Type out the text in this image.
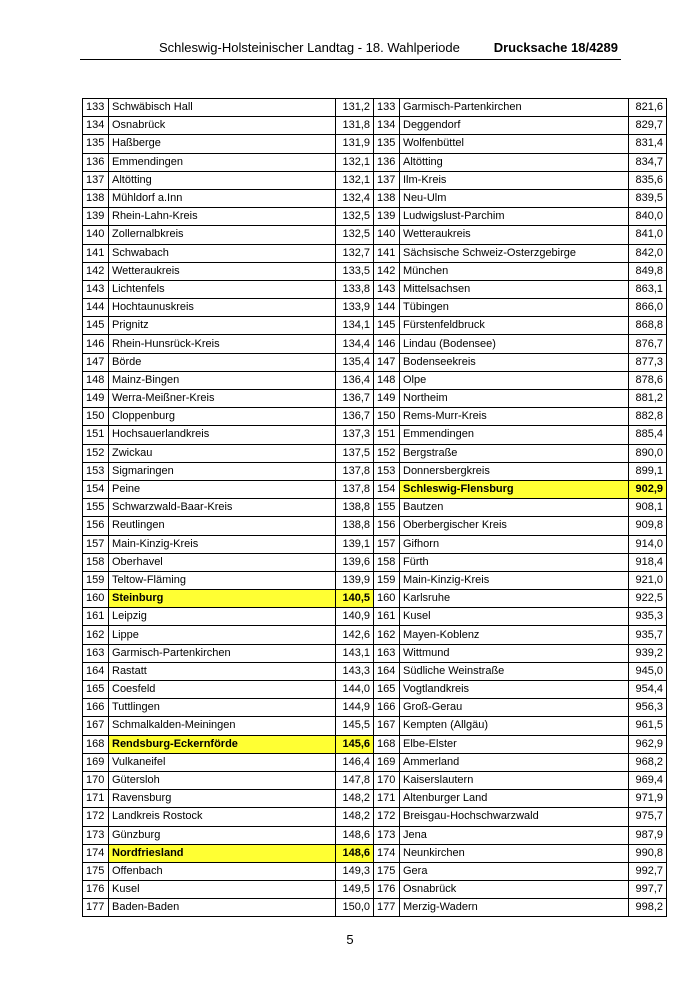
Schleswig-Holsteinischer Landtag - 18. Wahlperiode	Drucksache 18/4289
133	Schwäbisch Hall	131,2	133	Garmisch-Partenkirchen	821,6
134	Osnabrück	131,8	134	Deggendorf	829,7
135	Haßberge	131,9	135	Wolfenbüttel	831,4
136	Emmendingen	132,1	136	Altötting	834,7
137	Altötting	132,1	137	Ilm-Kreis	835,6
138	Mühldorf a.Inn	132,4	138	Neu-Ulm	839,5
139	Rhein-Lahn-Kreis	132,5	139	Ludwigslust-Parchim	840,0
140	Zollernalbkreis	132,5	140	Wetteraukreis	841,0
141	Schwabach	132,7	141	Sächsische Schweiz-Osterzgebirge	842,0
142	Wetteraukreis	133,5	142	München	849,8
143	Lichtenfels	133,8	143	Mittelsachsen	863,1
144	Hochtaunuskreis	133,9	144	Tübingen	866,0
145	Prignitz	134,1	145	Fürstenfeldbruck	868,8
146	Rhein-Hunsrück-Kreis	134,4	146	Lindau (Bodensee)	876,7
147	Börde	135,4	147	Bodenseekreis	877,3
148	Mainz-Bingen	136,4	148	Olpe	878,6
149	Werra-Meißner-Kreis	136,7	149	Northeim	881,2
150	Cloppenburg	136,7	150	Rems-Murr-Kreis	882,8
151	Hochsauerlandkreis	137,3	151	Emmendingen	885,4
152	Zwickau	137,5	152	Bergstraße	890,0
153	Sigmaringen	137,8	153	Donnersbergkreis	899,1
154	Peine	137,8	154	Schleswig-Flensburg	902,9
155	Schwarzwald-Baar-Kreis	138,8	155	Bautzen	908,1
156	Reutlingen	138,8	156	Oberbergischer Kreis	909,8
157	Main-Kinzig-Kreis	139,1	157	Gifhorn	914,0
158	Oberhavel	139,6	158	Fürth	918,4
159	Teltow-Fläming	139,9	159	Main-Kinzig-Kreis	921,0
160	Steinburg	140,5	160	Karlsruhe	922,5
161	Leipzig	140,9	161	Kusel	935,3
162	Lippe	142,6	162	Mayen-Koblenz	935,7
163	Garmisch-Partenkirchen	143,1	163	Wittmund	939,2
164	Rastatt	143,3	164	Südliche Weinstraße	945,0
165	Coesfeld	144,0	165	Vogtlandkreis	954,4
166	Tuttlingen	144,9	166	Groß-Gerau	956,3
167	Schmalkalden-Meiningen	145,5	167	Kempten (Allgäu)	961,5
168	Rendsburg-Eckernförde	145,6	168	Elbe-Elster	962,9
169	Vulkaneifel	146,4	169	Ammerland	968,2
170	Gütersloh	147,8	170	Kaiserslautern	969,4
171	Ravensburg	148,2	171	Altenburger Land	971,9
172	Landkreis Rostock	148,2	172	Breisgau-Hochschwarzwald	975,7
173	Günzburg	148,6	173	Jena	987,9
174	Nordfriesland	148,6	174	Neunkirchen	990,8
175	Offenbach	149,3	175	Gera	992,7
176	Kusel	149,5	176	Osnabrück	997,7
177	Baden-Baden	150,0	177	Merzig-Wadern	998,2
5
